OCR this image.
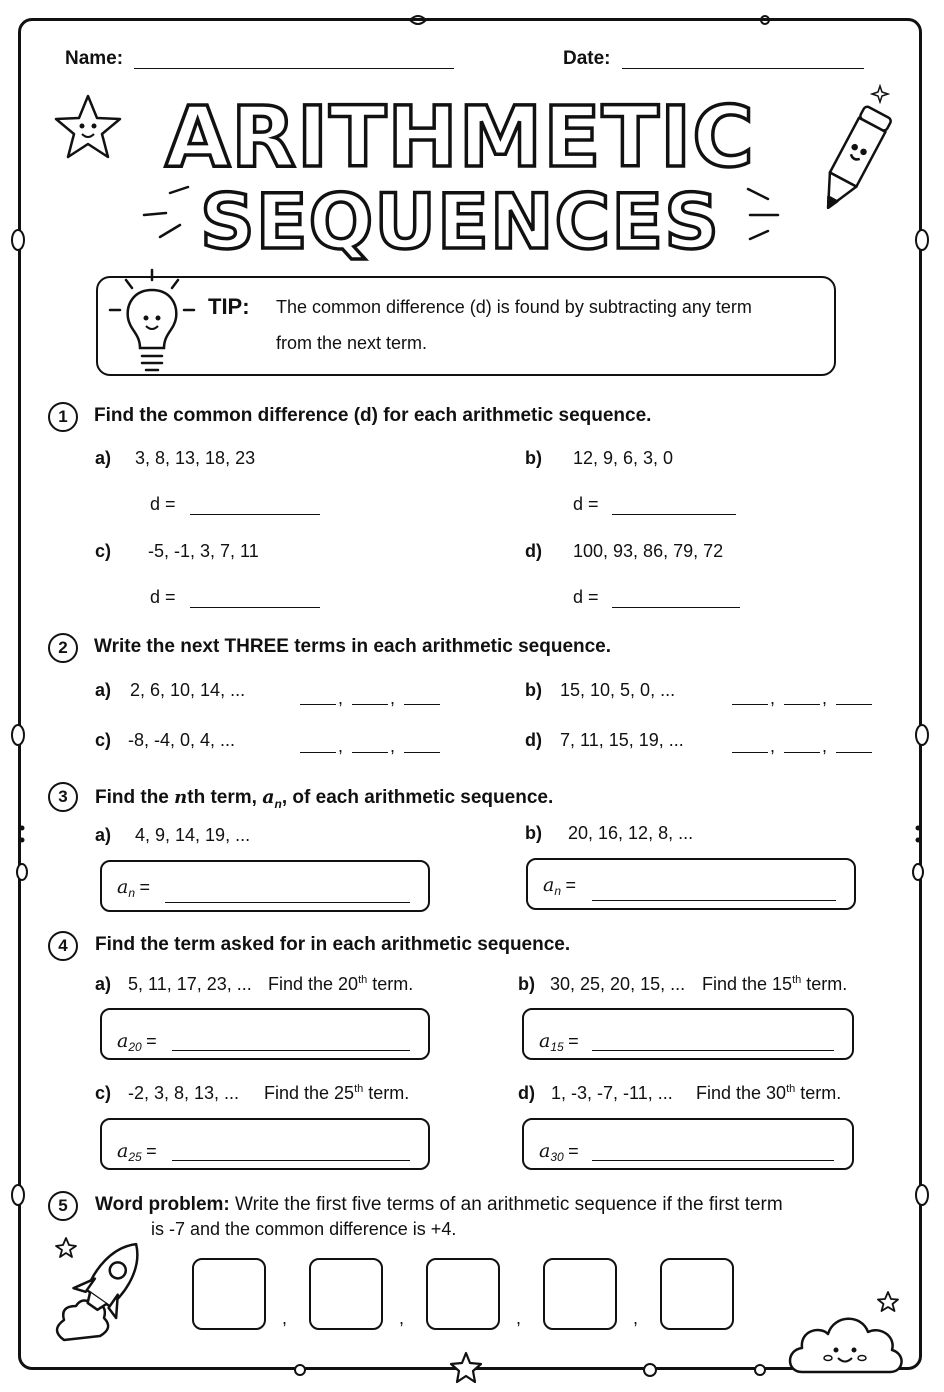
Name:	Date:
ARITHMETIC
SEQUENCES
TIP: The common difference (d) is found by subtracting any term
from the next term.
1	Find the common difference (d) for each arithmetic sequence.
a) 3, 8, 13, 18, 23
d =
b) 12, 9, 6, 3, 0
d =
c) -5, -1, 3, 7, 11
d =
d) 100, 93, 86, 79, 72
d =
2	Write the next THREE terms in each arithmetic sequence.
a) 2, 6, 10, 14, ...	b) 15, 10, 5, 0, ...
c) -8, -4, 0, 4, ...	d) 7, 11, 15, 19, ...
,	,	,	,
,	,	,	,
3	Find the nth term, $a_n$, of each arithmetic sequence.
a) 4, 9, 14, 19, ...	b) 20, 16, 12, 8, ...
$a_n$ =	$a_n$ =
4	Find the term asked for in each arithmetic sequence.
a) 5, 11, 17, 23, ... Find the 20th term.	b) 30, 25, 20, 15, ... Find the 15th term.
$a_{20}$ =	$a_{15}$ =
c) -2, 3, 8, 13, ... Find the 25th term.	d) 1, -3, -7, -11, ... Find the 30th term.
$a_{25}$ =	$a_{30}$ =
5	Word problem: Write the first five terms of an arithmetic sequence if the first term
is -7 and the common difference is +4.
,	,	,	,
